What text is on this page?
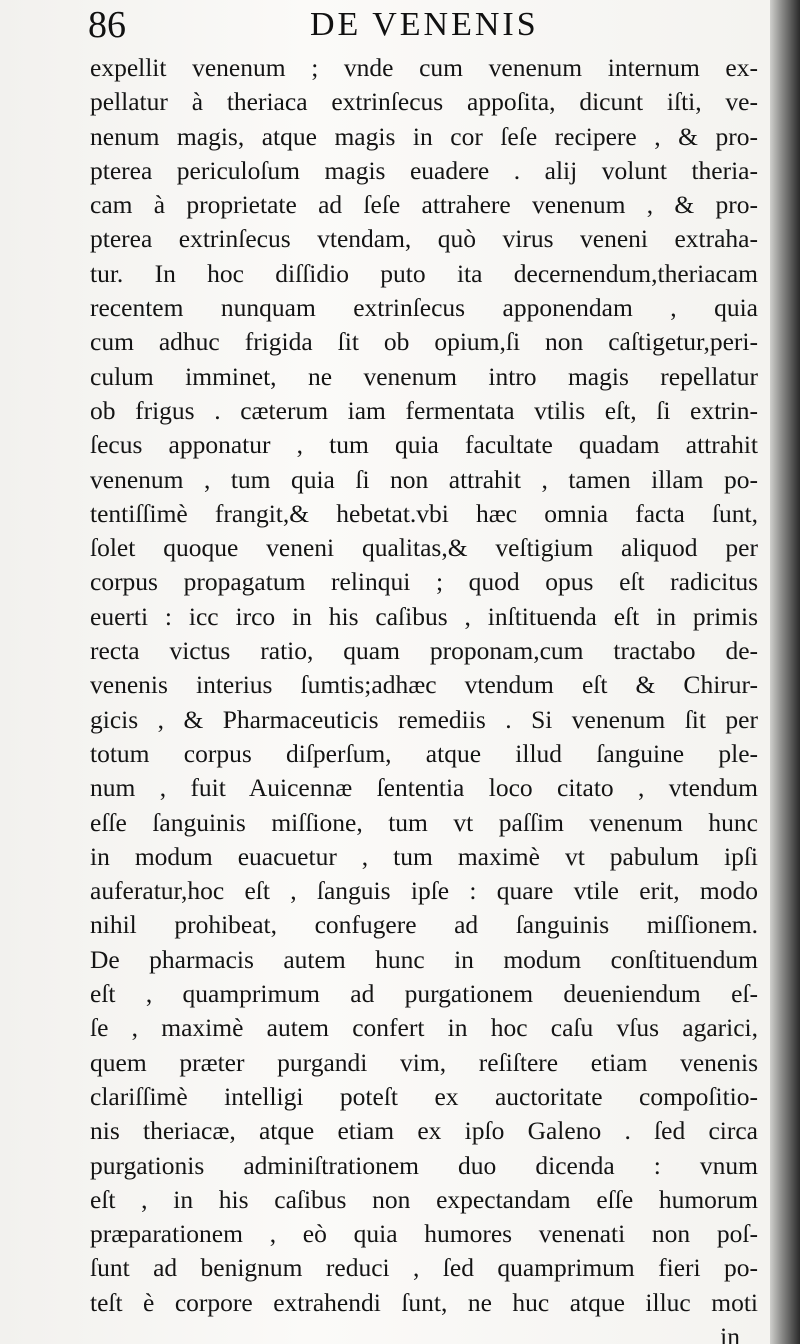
86	DE VENENIS
expellit venenum ; vnde cum venenum internum ex-
pellatur à theriaca extrinſecus appoſita, dicunt iſti, ve-
nenum magis, atque magis in cor ſeſe recipere , & pro-
pterea periculoſum magis euadere . alij volunt theria-
cam à proprietate ad ſeſe attrahere venenum , & pro-
pterea extrinſecus vtendam, quò virus veneni extraha-
tur. In hoc diſſidio puto ita decernendum,theriacam
recentem nunquam extrinſecus apponendam , quia
cum adhuc frigida ſit ob opium,ſi non caſtigetur,peri-
culum imminet, ne venenum intro magis repellatur
ob frigus . cæterum iam fermentata vtilis eſt, ſi extrin-
ſecus apponatur , tum quia facultate quadam attrahit
venenum , tum quia ſi non attrahit , tamen illam po-
tentiſſimè frangit,& hebetat.vbi hæc omnia facta ſunt,
ſolet quoque veneni qualitas,& veſtigium aliquod per
corpus propagatum relinqui ; quod opus eſt radicitus
euerti : icc irco in his caſibus , inſtituenda eſt in primis
recta victus ratio, quam proponam,cum tractabo de-
venenis interius ſumtis;adhæc vtendum eſt & Chirur-
gicis , & Pharmaceuticis remediis . Si venenum ſit per
totum corpus diſperſum, atque illud ſanguine ple-
num , fuit Auicennæ ſententia loco citato , vtendum
eſſe ſanguinis miſſione, tum vt paſſim venenum hunc
in modum euacuetur , tum maximè vt pabulum ipſi
auferatur,hoc eſt , ſanguis ipſe : quare vtile erit, modo
nihil prohibeat, confugere ad ſanguinis miſſionem.
De pharmacis autem hunc in modum conſtituendum
eſt , quamprimum ad purgationem deueniendum eſ-
ſe , maximè autem confert in hoc caſu vſus agarici,
quem præter purgandi vim, reſiſtere etiam venenis
clariſſimè intelligi poteſt ex auctoritate compoſitio-
nis theriacæ, atque etiam ex ipſo Galeno . ſed circa
purgationis adminiſtrationem duo dicenda : vnum
eſt , in his caſibus non expectandam eſſe humorum
præparationem , eò quia humores venenati non poſ-
ſunt ad benignum reduci , ſed quamprimum fieri po-
teſt è corpore extrahendi ſunt, ne huc atque illuc moti
in
